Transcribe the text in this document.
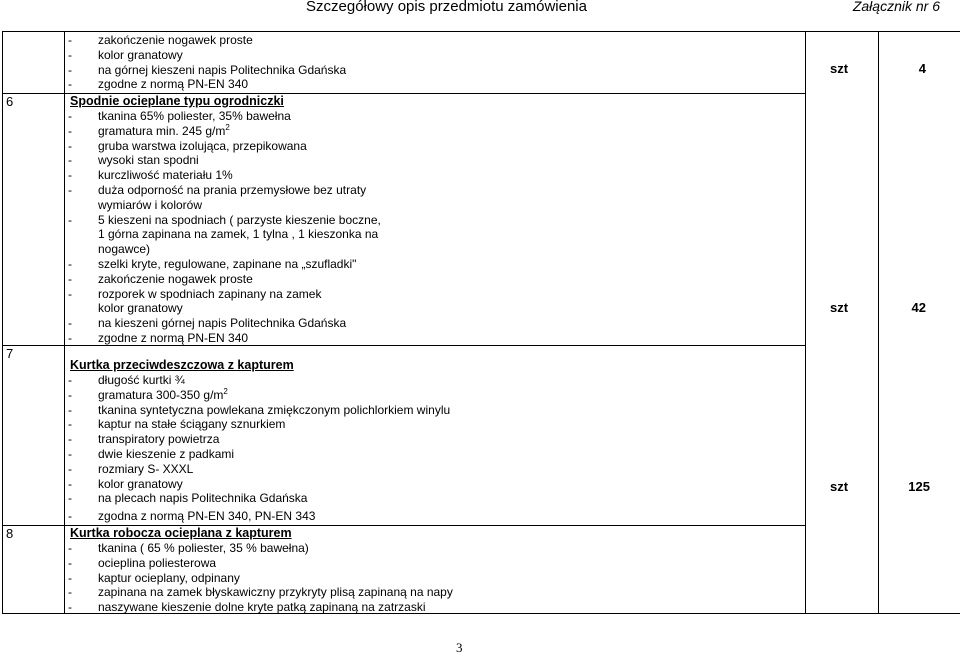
Szczegółowy opis przedmiotu zamówienia	Załącznik nr 6
- zakończenie nogawek proste
- kolor granatowy
- na górnej kieszeni napis Politechnika Gdańska
- zgodne z normą PN-EN 340
szt	4
6	Spodnie ocieplane typu ogrodniczki
- tkanina 65% poliester, 35% bawełna
- gramatura min. 245 $g/m^2$
- gruba warstwa izolująca, przepikowana
- wysoki stan spodni
- kurczliwość materiału 1%
- duża odporność na prania przemysłowe bez utraty
wymiarów i kolorów
- 5 kieszeni na spodniach ( parzyste kieszenie boczne,
1 górna zapinana na zamek, 1 tylna , 1 kieszonka na
nogawce)
- szelki kryte, regulowane, zapinane na „szufladki"
- zakończenie nogawek proste
- rozporek w spodniach zapinany na zamek
kolor granatowy
- na kieszeni górnej napis Politechnika Gdańska
- zgodne z normą PN-EN 340
szt	42
7
Kurtka przeciwdeszczowa z kapturem
- długość kurtki ¾
- gramatura 300-350 $g/m^2$
- tkanina syntetyczna powlekana zmiękczonym polichlorkiem winylu
- kaptur na stałe ściągany sznurkiem
- transpiratory powietrza
- dwie kieszenie z padkami
- rozmiary S- XXXL
- kolor granatowy
- na plecach napis Politechnika Gdańska
- zgodna z normą PN-EN 340, PN-EN 343
szt	125
8	Kurtka robocza ocieplana z kapturem
- tkanina ( 65 % poliester, 35 % bawełna)
- ocieplina poliesterowa
- kaptur ocieplany, odpinany
- zapinana na zamek błyskawiczny przykryty plisą zapinaną na napy
- naszywane kieszenie dolne kryte patką zapinaną na zatrzaski
3
